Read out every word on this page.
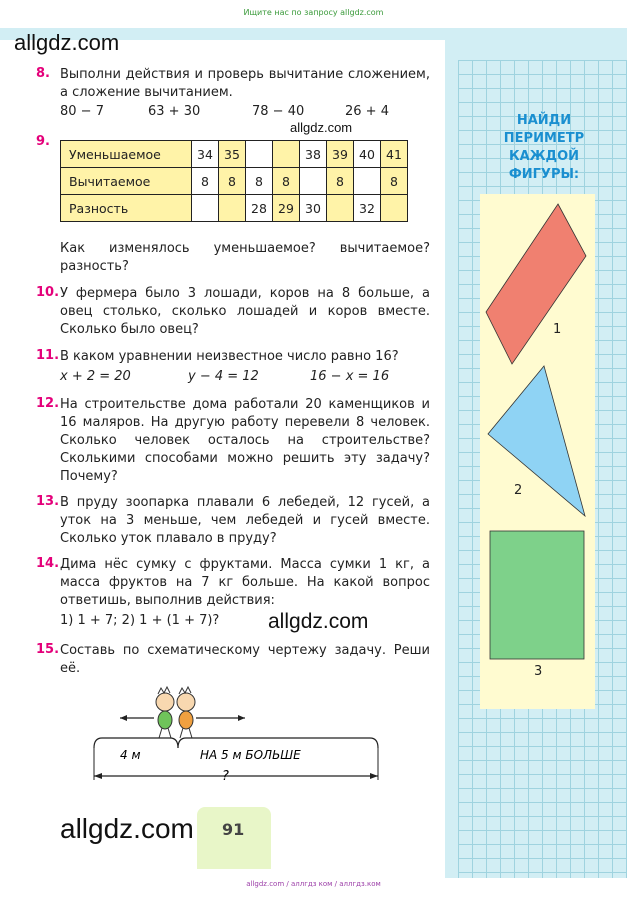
Ищите нас по запросу allgdz.com
allgdz.com
8. Выполни действия и проверь вычитание сложением, а сложение вычитанием.
80 − 7	63 + 30	78 − 40	26 + 4
allgdz.com
9.
Уменьшаемое	34	35			38	39	40	41
Вычитаемое	8	8	8	8		8		8
Разность			28	29	30		32	
Как изменялось уменьшаемое? вычитаемое? разность?
10. У фермера было 3 лошади, коров на 8 больше, а овец столько, сколько лошадей и коров вместе. Сколько было овец?
11. В каком уравнении неизвестное число равно 16?
x + 2 = 20	y − 4 = 12	16 − x = 16
12. На строительстве дома работали 20 каменщиков и 16 маляров. На другую работу перевели 8 человек. Сколько человек осталось на строительстве? Сколькими способами можно решить эту задачу? Почему?
13. В пруду зоопарка плавали 6 лебедей, 12 гусей, а уток на 3 меньше, чем лебедей и гусей вместе. Сколько уток плавало в пруду?
14. Дима нёс сумку с фруктами. Масса сумки 1 кг, а масса фруктов на 7 кг больше. На какой вопрос ответишь, выполнив действия:
1) 1 + 7; 2) 1 + (1 + 7)?	allgdz.com
15. Составь по схематическому чертежу задачу. Реши её.
4 м	НА 5 м БОЛЬШЕ
?
НАЙДИ
ПЕРИМЕТР
КАЖДОЙ
ФИГУРЫ:
1
2
3
91
allgdz.com
allgdz.com / аллгдз ком / аллгдз.ком
